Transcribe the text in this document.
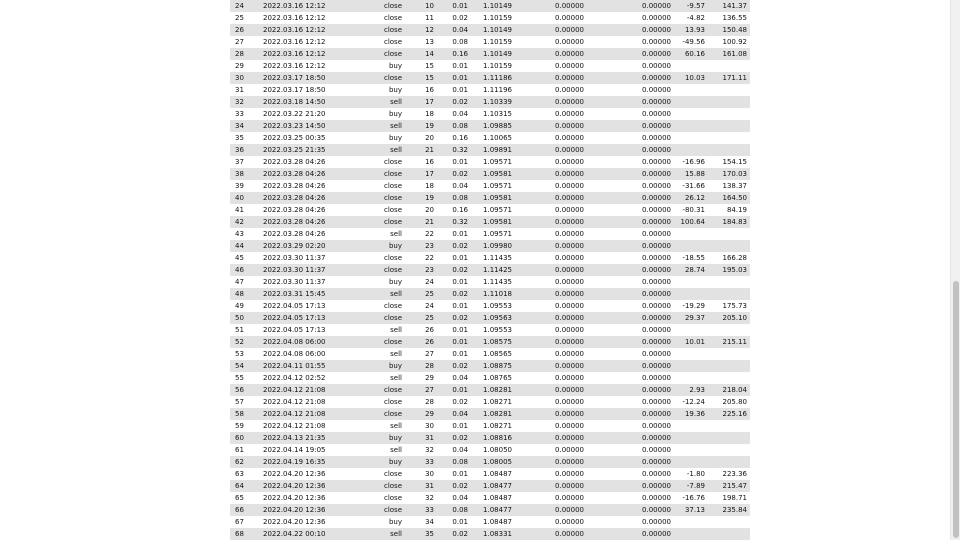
24	2022.03.16 12:12	close	10	0.01	1.10149	0.00000	0.00000	-9.57	141.37
25	2022.03.16 12:12	close	11	0.02	1.10159	0.00000	0.00000	-4.82	136.55
26	2022.03.16 12:12	close	12	0.04	1.10149	0.00000	0.00000	13.93	150.48
27	2022.03.16 12:12	close	13	0.08	1.10159	0.00000	0.00000	-49.56	100.92
28	2022.03.16 12:12	close	14	0.16	1.10149	0.00000	0.00000	60.16	161.08
29	2022.03.16 12:12	buy	15	0.01	1.10159	0.00000	0.00000		
30	2022.03.17 18:50	close	15	0.01	1.11186	0.00000	0.00000	10.03	171.11
31	2022.03.17 18:50	buy	16	0.01	1.11196	0.00000	0.00000		
32	2022.03.18 14:50	sell	17	0.02	1.10339	0.00000	0.00000		
33	2022.03.22 21:20	buy	18	0.04	1.10315	0.00000	0.00000		
34	2022.03.23 14:50	sell	19	0.08	1.09885	0.00000	0.00000		
35	2022.03.25 00:35	buy	20	0.16	1.10065	0.00000	0.00000		
36	2022.03.25 21:35	sell	21	0.32	1.09891	0.00000	0.00000		
37	2022.03.28 04:26	close	16	0.01	1.09571	0.00000	0.00000	-16.96	154.15
38	2022.03.28 04:26	close	17	0.02	1.09581	0.00000	0.00000	15.88	170.03
39	2022.03.28 04:26	close	18	0.04	1.09571	0.00000	0.00000	-31.66	138.37
40	2022.03.28 04:26	close	19	0.08	1.09581	0.00000	0.00000	26.12	164.50
41	2022.03.28 04:26	close	20	0.16	1.09571	0.00000	0.00000	-80.31	84.19
42	2022.03.28 04:26	close	21	0.32	1.09581	0.00000	0.00000	100.64	184.83
43	2022.03.28 04:26	sell	22	0.01	1.09571	0.00000	0.00000		
44	2022.03.29 02:20	buy	23	0.02	1.09980	0.00000	0.00000		
45	2022.03.30 11:37	close	22	0.01	1.11435	0.00000	0.00000	-18.55	166.28
46	2022.03.30 11:37	close	23	0.02	1.11425	0.00000	0.00000	28.74	195.03
47	2022.03.30 11:37	buy	24	0.01	1.11435	0.00000	0.00000		
48	2022.03.31 15:45	sell	25	0.02	1.11018	0.00000	0.00000		
49	2022.04.05 17:13	close	24	0.01	1.09553	0.00000	0.00000	-19.29	175.73
50	2022.04.05 17:13	close	25	0.02	1.09563	0.00000	0.00000	29.37	205.10
51	2022.04.05 17:13	sell	26	0.01	1.09553	0.00000	0.00000		
52	2022.04.08 06:00	close	26	0.01	1.08575	0.00000	0.00000	10.01	215.11
53	2022.04.08 06:00	sell	27	0.01	1.08565	0.00000	0.00000		
54	2022.04.11 01:55	buy	28	0.02	1.08875	0.00000	0.00000		
55	2022.04.12 02:52	sell	29	0.04	1.08765	0.00000	0.00000		
56	2022.04.12 21:08	close	27	0.01	1.08281	0.00000	0.00000	2.93	218.04
57	2022.04.12 21:08	close	28	0.02	1.08271	0.00000	0.00000	-12.24	205.80
58	2022.04.12 21:08	close	29	0.04	1.08281	0.00000	0.00000	19.36	225.16
59	2022.04.12 21:08	sell	30	0.01	1.08271	0.00000	0.00000		
60	2022.04.13 21:35	buy	31	0.02	1.08816	0.00000	0.00000		
61	2022.04.14 19:05	sell	32	0.04	1.08050	0.00000	0.00000		
62	2022.04.19 16:35	buy	33	0.08	1.08005	0.00000	0.00000		
63	2022.04.20 12:36	close	30	0.01	1.08487	0.00000	0.00000	-1.80	223.36
64	2022.04.20 12:36	close	31	0.02	1.08477	0.00000	0.00000	-7.89	215.47
65	2022.04.20 12:36	close	32	0.04	1.08487	0.00000	0.00000	-16.76	198.71
66	2022.04.20 12:36	close	33	0.08	1.08477	0.00000	0.00000	37.13	235.84
67	2022.04.20 12:36	buy	34	0.01	1.08487	0.00000	0.00000		
68	2022.04.22 00:10	sell	35	0.02	1.08331	0.00000	0.00000		
